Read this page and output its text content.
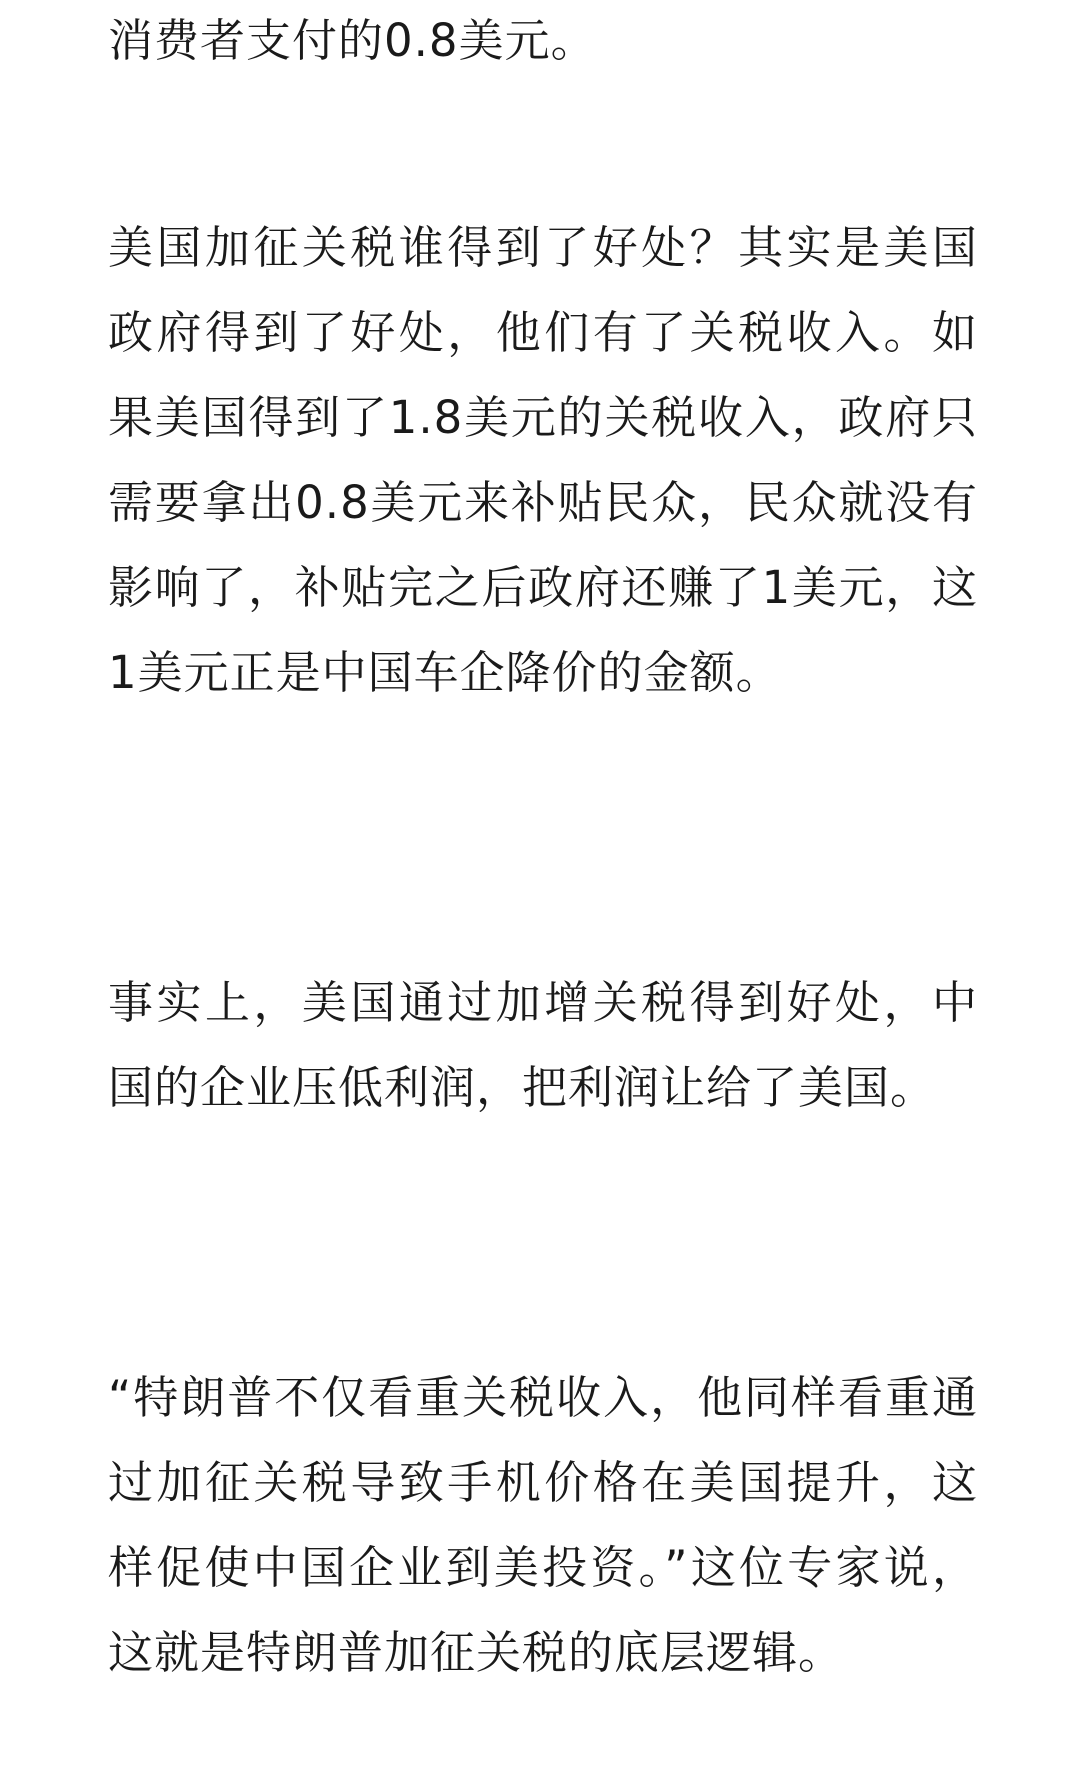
消费者支付的0.8美元。

美国加征关税谁得到了好处？其实是美国政府得到了好处，他们有了关税收入。如果美国得到了1.8美元的关税收入，政府只需要拿出0.8美元来补贴民众，民众就没有影响了，补贴完之后政府还赚了1美元，这1美元正是中国车企降价的金额。

事实上，美国通过加增关税得到好处，中国的企业压低利润，把利润让给了美国。

“特朗普不仅看重关税收入，他同样看重通过加征关税导致手机价格在美国提升，这样促使中国企业到美投资。”这位专家说，这就是特朗普加征关税的底层逻辑。
